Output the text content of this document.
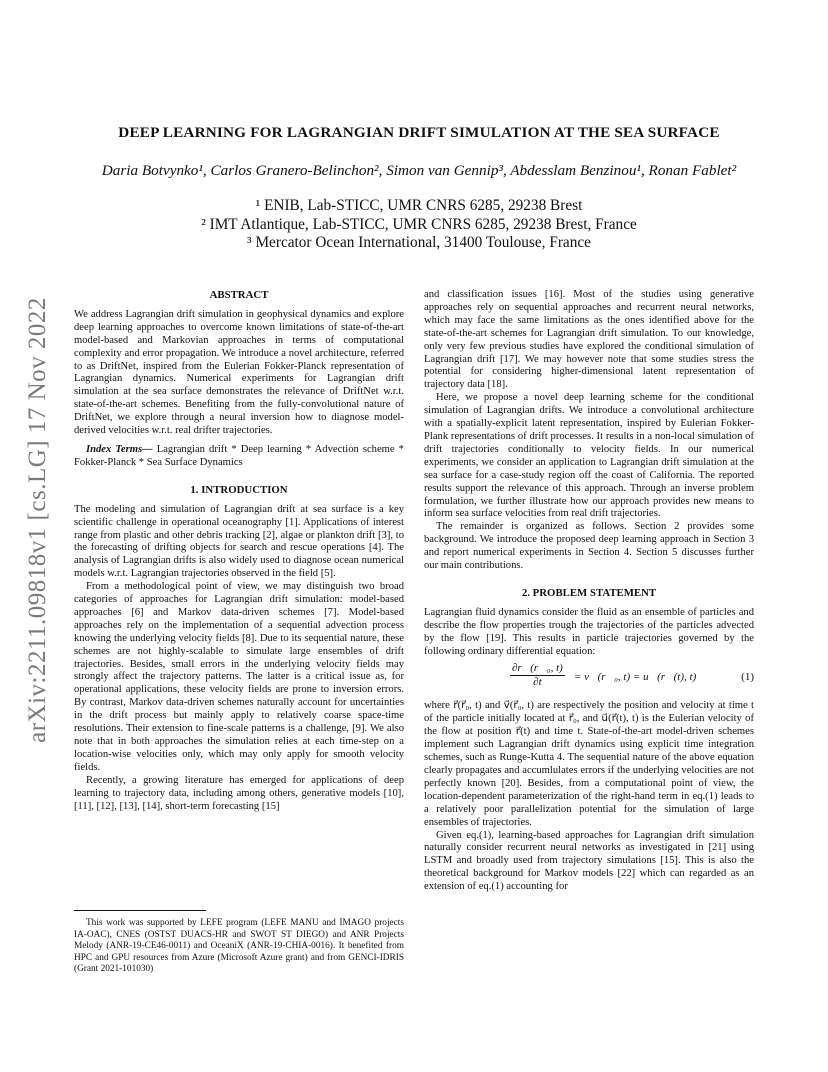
arXiv:2211.09818v1 [cs.LG] 17 Nov 2022
DEEP LEARNING FOR LAGRANGIAN DRIFT SIMULATION AT THE SEA SURFACE
Daria Botvynko¹, Carlos Granero-Belinchon², Simon van Gennip³, Abdesslam Benzinou¹, Ronan Fablet²
¹ ENIB, Lab-STICC, UMR CNRS 6285, 29238 Brest
² IMT Atlantique, Lab-STICC, UMR CNRS 6285, 29238 Brest, France
³ Mercator Ocean International, 31400 Toulouse, France
ABSTRACT

We address Lagrangian drift simulation in geophysical dynamics and explore deep learning approaches to overcome known limitations of state-of-the-art model-based and Markovian approaches in terms of computational complexity and error propagation. We introduce a novel architecture, referred to as DriftNet, inspired from the Eulerian Fokker-Planck representation of Lagrangian dynamics. Numerical experiments for Lagrangian drift simulation at the sea surface demonstrates the relevance of DriftNet w.r.t. state-of-the-art schemes. Benefiting from the fully-convolutional nature of DriftNet, we explore through a neural inversion how to diagnose model-derived velocities w.r.t. real drifter trajectories.

Index Terms— Lagrangian drift * Deep learning * Advection scheme * Fokker-Planck * Sea Surface Dynamics

1. INTRODUCTION

The modeling and simulation of Lagrangian drift at sea surface is a key scientific challenge in operational oceanography [1]. Applications of interest range from plastic and other debris tracking [2], algae or plankton drift [3], to the forecasting of drifting objects for search and rescue operations [4]. The analysis of Lagrangian drifts is also widely used to diagnose ocean numerical models w.r.t. Lagrangian trajectories observed in the field [5].

From a methodological point of view, we may distinguish two broad categories of approaches for Lagrangian drift simulation: model-based approaches [6] and Markov data-driven schemes [7]. Model-based approaches rely on the implementation of a sequential advection process knowing the underlying velocity fields [8]. Due to its sequential nature, these schemes are not highly-scalable to simulate large ensembles of drift trajectories. Besides, small errors in the underlying velocity fields may strongly affect the trajectory patterns. The latter is a critical issue as, for operational applications, these velocity fields are prone to inversion errors. By contrast, Markov data-driven schemes naturally account for uncertainties in the drift process but mainly apply to relatively coarse space-time resolutions. Their extension to fine-scale patterns is a challenge, [9]. We also note that in both approaches the simulation relies at each time-step on a location-wise velocities only, which may only apply for smooth velocity fields.

Recently, a growing literature has emerged for applications of deep learning to trajectory data, including among others, generative models [10], [11], [12], [13], [14], short-term forecasting [15]

and classification issues [16]. Most of the studies using generative approaches rely on sequential approaches and recurrent neural networks, which may face the same limitations as the ones identified above for the state-of-the-art schemes for Lagrangian drift simulation. To our knowledge, only very few previous studies have explored the conditional simulation of Lagrangian drift [17]. We may however note that some studies stress the potential for considering higher-dimensional latent representation of trajectory data [18].

Here, we propose a novel deep learning scheme for the conditional simulation of Lagrangian drifts. We introduce a convolutional architecture with a spatially-explicit latent representation, inspired by Eulerian Fokker-Plank representations of drift processes. It results in a non-local simulation of drift trajectories conditionally to velocity fields. In our numerical experiments, we consider an application to Lagrangian drift simulation at the sea surface for a case-study region off the coast of California. The reported results support the relevance of this approach. Through an inverse problem formulation, we further illustrate how our approach provides new means to inform sea surface velocities from real drift trajectories.

The remainder is organized as follows. Section 2 provides some background. We introduce the proposed deep learning approach in Section 3 and report numerical experiments in Section 4. Section 5 discusses further our main contributions.

2. PROBLEM STATEMENT

Lagrangian fluid dynamics consider the fluid as an ensemble of particles and describe the flow properties trough the trajectories of the particles advected by the flow [19]. This results in particle trajectories governed by the following ordinary differential equation:

$\frac{\text{∂r⃗(r⃗₀, t)}}{\partial t}$ = v⃗(r⃗₀, t) = u⃗(r⃗(t), t)	(1)

where r⃗(r⃗₀, t) and v⃗(r⃗₀, t) are respectively the position and velocity at time t of the particle initially located at r⃗₀, and u⃗(r⃗(t), t) is the Eulerian velocity of the flow at position r⃗(t) and time t. State-of-the-art model-driven schemes implement such Lagrangian drift dynamics using explicit time integration schemes, such as Runge-Kutta 4. The sequential nature of the above equation clearly propagates and accumlulates errors if the underlying velocities are not perfectly known [20]. Besides, from a computational point of view, the location-dependent parameterization of the right-hand term in eq.(1) leads to a relatively poor parallelization potential for the simulation of large ensembles of trajectories.

Given eq.(1), learning-based approaches for Lagrangian drift simulation naturally consider recurrent neural networks as investigated in [21] using LSTM and broadly used from trajectory simulations [15]. This is also the theoretical background for Markov models [22] which can regarded as an extension of eq.(1) accounting for

This work was supported by LEFE program (LEFE MANU and IMAGO projects IA-OAC), CNES (OSTST DUACS-HR and SWOT ST DIEGO) and ANR Projects Melody (ANR-19-CE46-0011) and OceaniX (ANR-19-CHIA-0016). It benefited from HPC and GPU resources from Azure (Microsoft Azure grant) and from GENCI-IDRIS (Grant 2021-101030)
